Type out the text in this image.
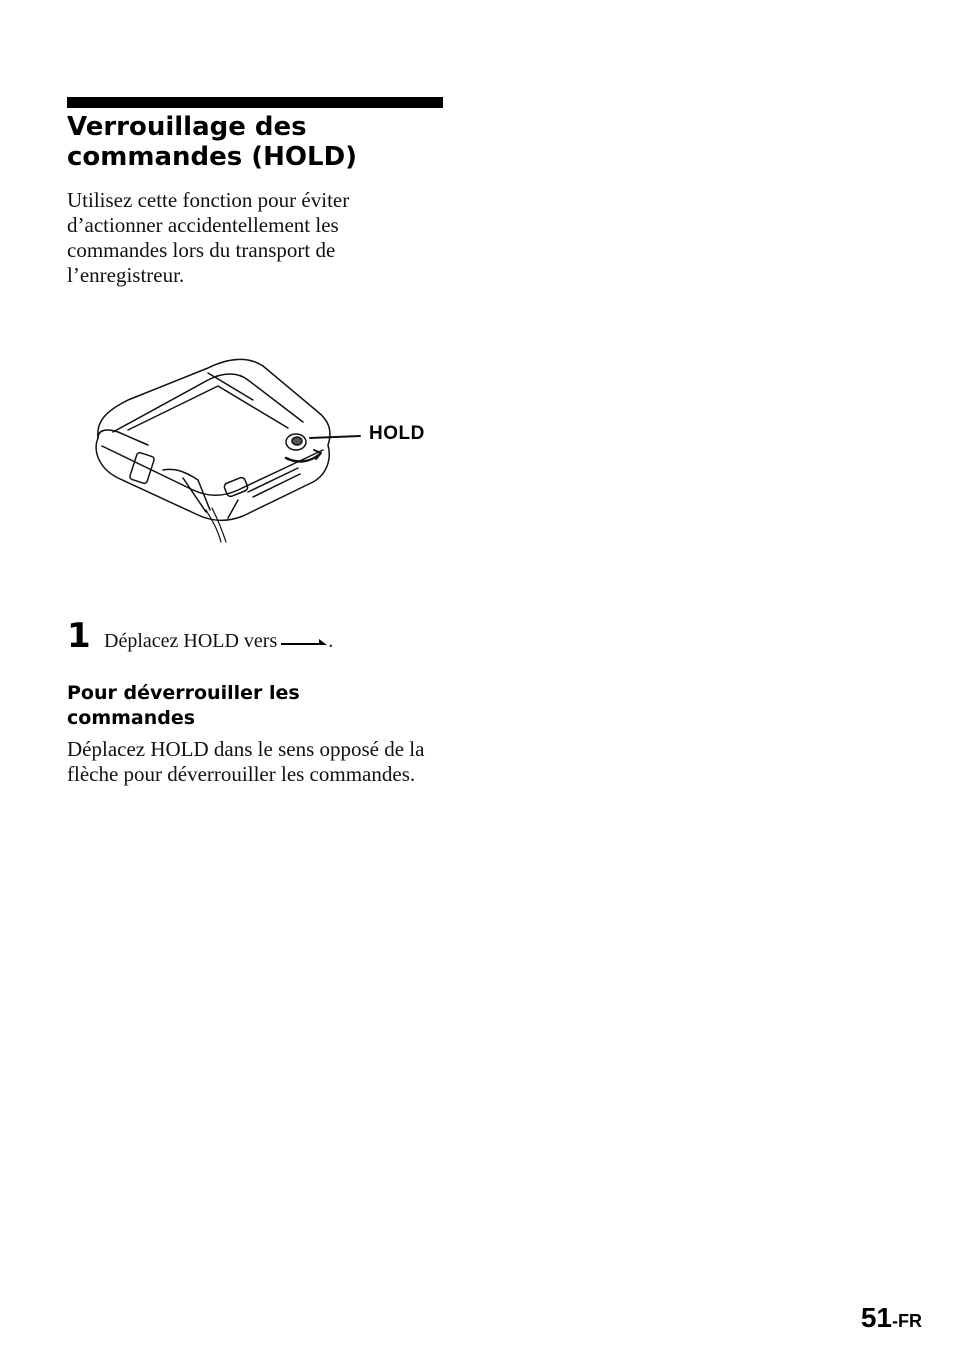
Verrouillage des
commandes (HOLD)

Utilisez cette fonction pour éviter d’actionner accidentellement les commandes lors du transport de l’enregistreur.

HOLD
1 Déplacez HOLD vers	.
Pour déverrouiller les commandes

Déplacez HOLD dans le sens opposé de la flèche pour déverrouiller les commandes.

51-FR
